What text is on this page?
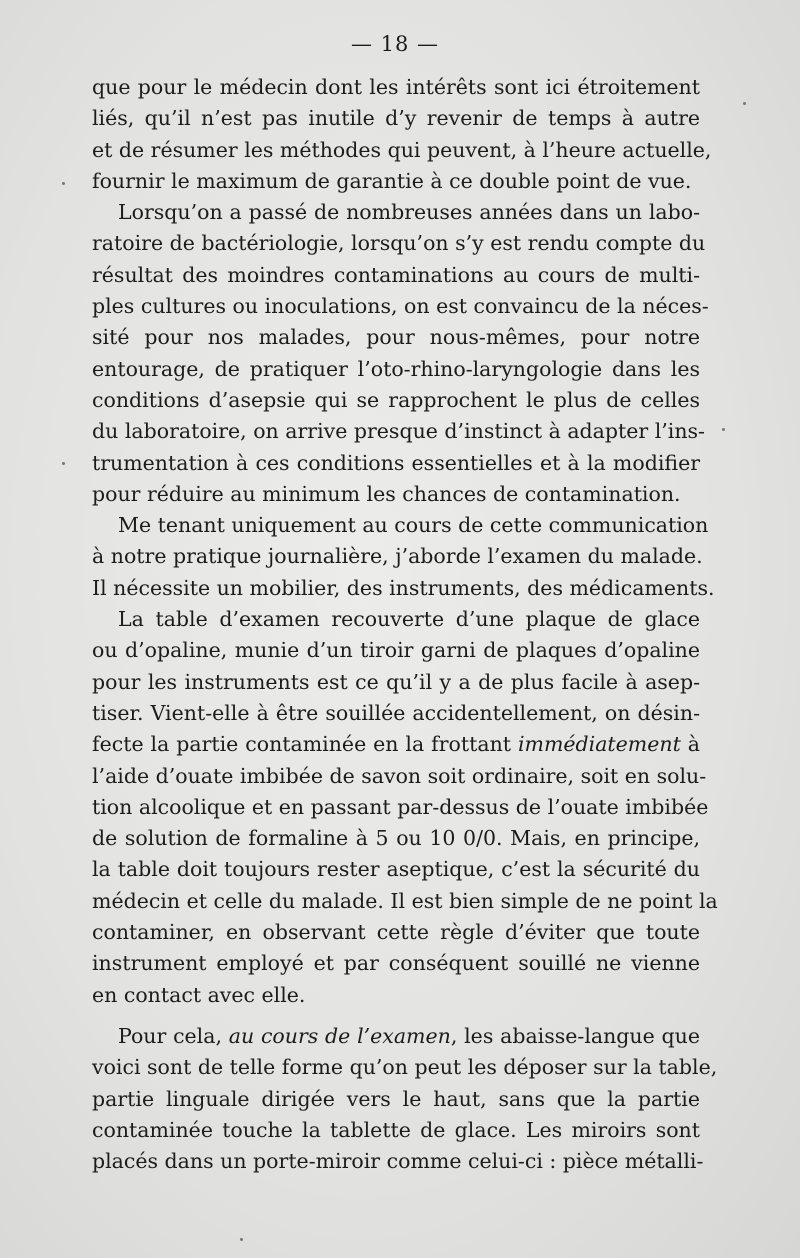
— 18 —
que pour le médecin dont les intérêts sont ici étroitement
liés, qu’il n’est pas inutile d’y revenir de temps à autre
et de résumer les méthodes qui peuvent, à l’heure actuelle,
fournir le maximum de garantie à ce double point de vue.
Lorsqu’on a passé de nombreuses années dans un labo-
ratoire de bactériologie, lorsqu’on s’y est rendu compte du
résultat des moindres contaminations au cours de multi-
ples cultures ou inoculations, on est convaincu de la néces-
sité pour nos malades, pour nous-mêmes, pour notre
entourage, de pratiquer l’oto-rhino-laryngologie dans les
conditions d’asepsie qui se rapprochent le plus de celles
du laboratoire, on arrive presque d’instinct à adapter l’ins-
trumentation à ces conditions essentielles et à la modifier
pour réduire au minimum les chances de contamination.
Me tenant uniquement au cours de cette communication
à notre pratique journalière, j’aborde l’examen du malade.
Il nécessite un mobilier, des instruments, des médicaments.
La table d’examen recouverte d’une plaque de glace
ou d’opaline, munie d’un tiroir garni de plaques d’opaline
pour les instruments est ce qu’il y a de plus facile à asep-
tiser. Vient-elle à être souillée accidentellement, on désin-
fecte la partie contaminée en la frottant immédiatement à
l’aide d’ouate imbibée de savon soit ordinaire, soit en solu-
tion alcoolique et en passant par-dessus de l’ouate imbibée
de solution de formaline à 5 ou 10 0/0. Mais, en principe,
la table doit toujours rester aseptique, c’est la sécurité du
médecin et celle du malade. Il est bien simple de ne point la
contaminer, en observant cette règle d’éviter que toute
instrument employé et par conséquent souillé ne vienne
en contact avec elle.
Pour cela, au cours de l’examen, les abaisse-langue que
voici sont de telle forme qu’on peut les déposer sur la table,
partie linguale dirigée vers le haut, sans que la partie
contaminée touche la tablette de glace. Les miroirs sont
placés dans un porte-miroir comme celui-ci : pièce métalli-
